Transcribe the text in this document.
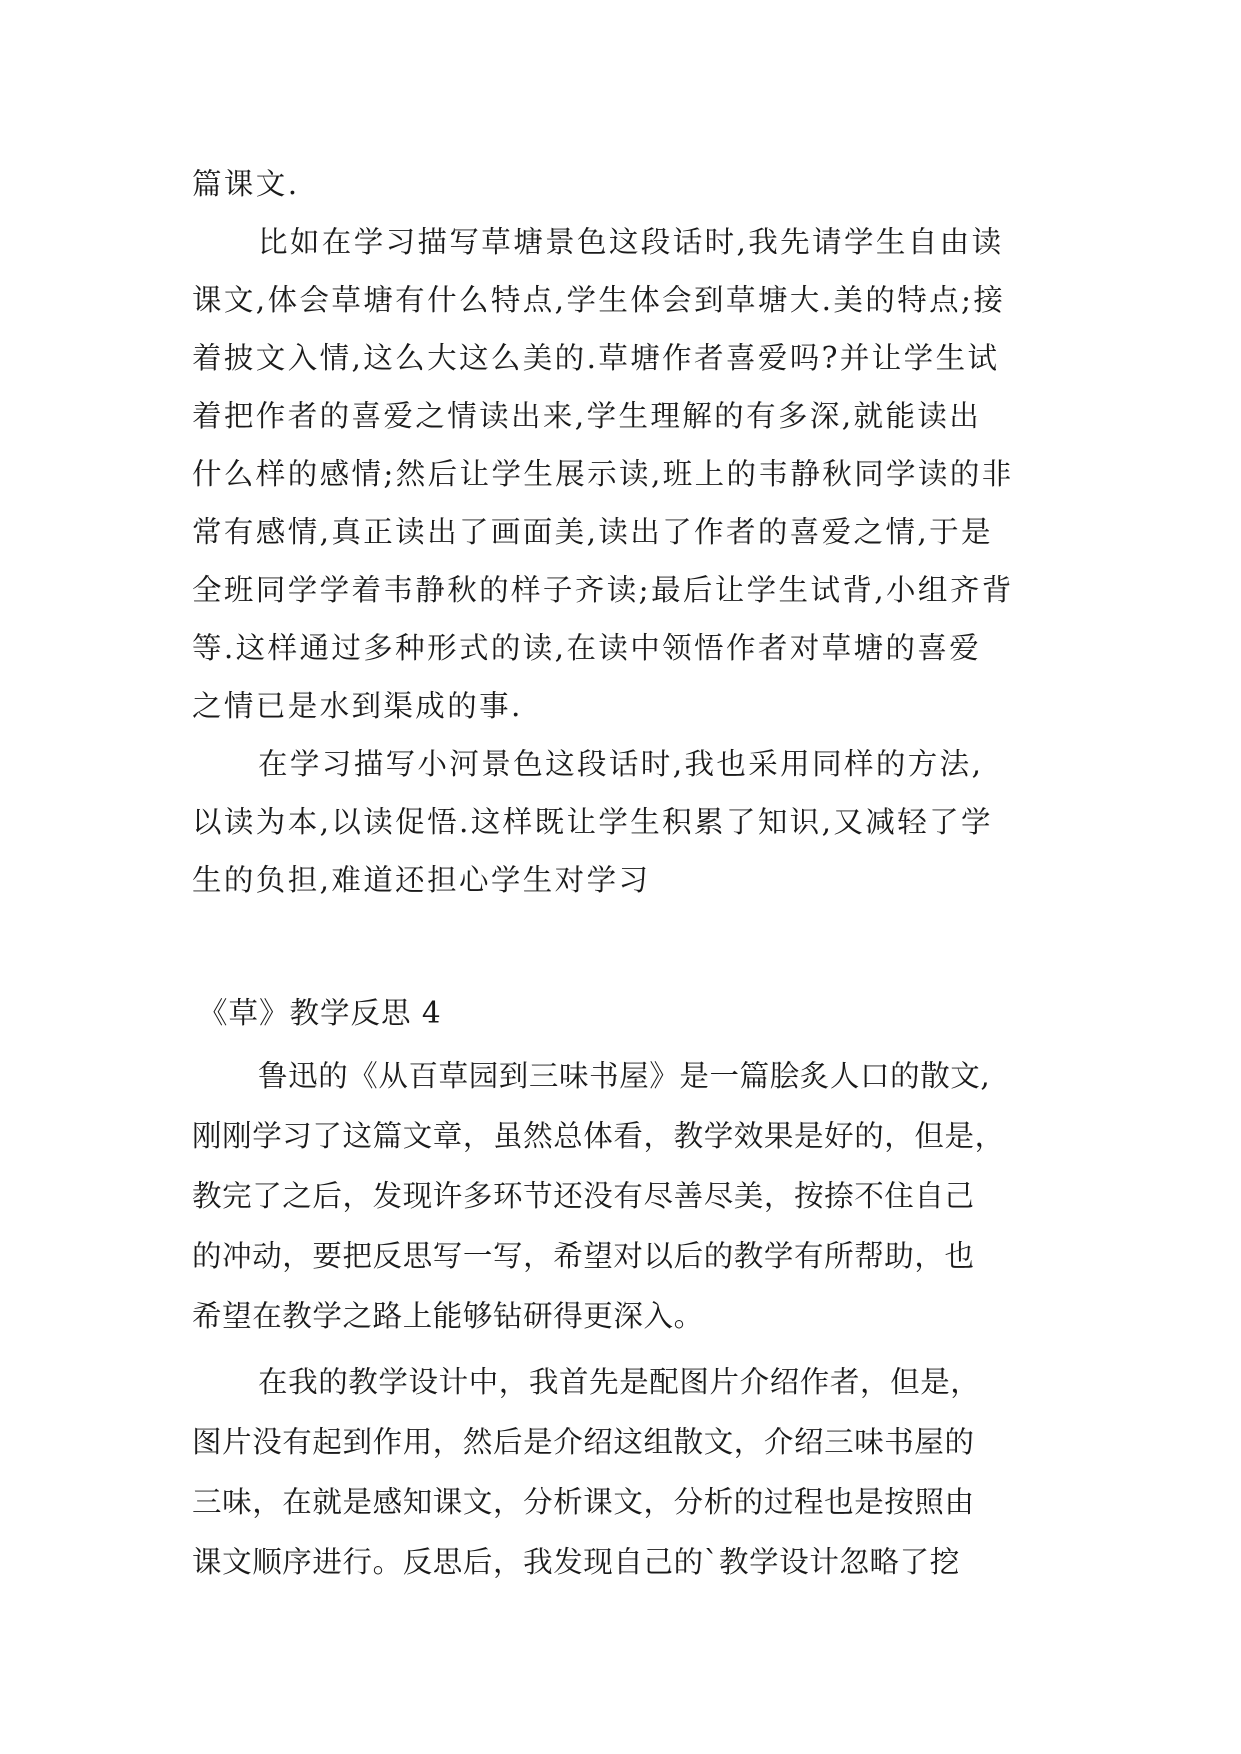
篇课文.
比如在学习描写草塘景色这段话时,我先请学生自由读
课文,体会草塘有什么特点,学生体会到草塘大.美的特点;接
着披文入情,这么大这么美的.草塘作者喜爱吗?并让学生试
着把作者的喜爱之情读出来,学生理解的有多深,就能读出
什么样的感情;然后让学生展示读,班上的韦静秋同学读的非
常有感情,真正读出了画面美,读出了作者的喜爱之情,于是
全班同学学着韦静秋的样子齐读;最后让学生试背,小组齐背
等.这样通过多种形式的读,在读中领悟作者对草塘的喜爱
之情已是水到渠成的事.
在学习描写小河景色这段话时,我也采用同样的方法,
以读为本,以读促悟.这样既让学生积累了知识,又减轻了学
生的负担,难道还担心学生对学习
《草》教学反思 4
鲁迅的《从百草园到三味书屋》是一篇脍炙人口的散文,
刚刚学习了这篇文章，虽然总体看，教学效果是好的，但是，
教完了之后，发现许多环节还没有尽善尽美，按捺不住自己
的冲动，要把反思写一写，希望对以后的教学有所帮助，也
希望在教学之路上能够钻研得更深入。
在我的教学设计中，我首先是配图片介绍作者，但是，
图片没有起到作用，然后是介绍这组散文，介绍三味书屋的
三味，在就是感知课文，分析课文，分析的过程也是按照由
课文顺序进行。反思后，我发现自己的`教学设计忽略了挖
